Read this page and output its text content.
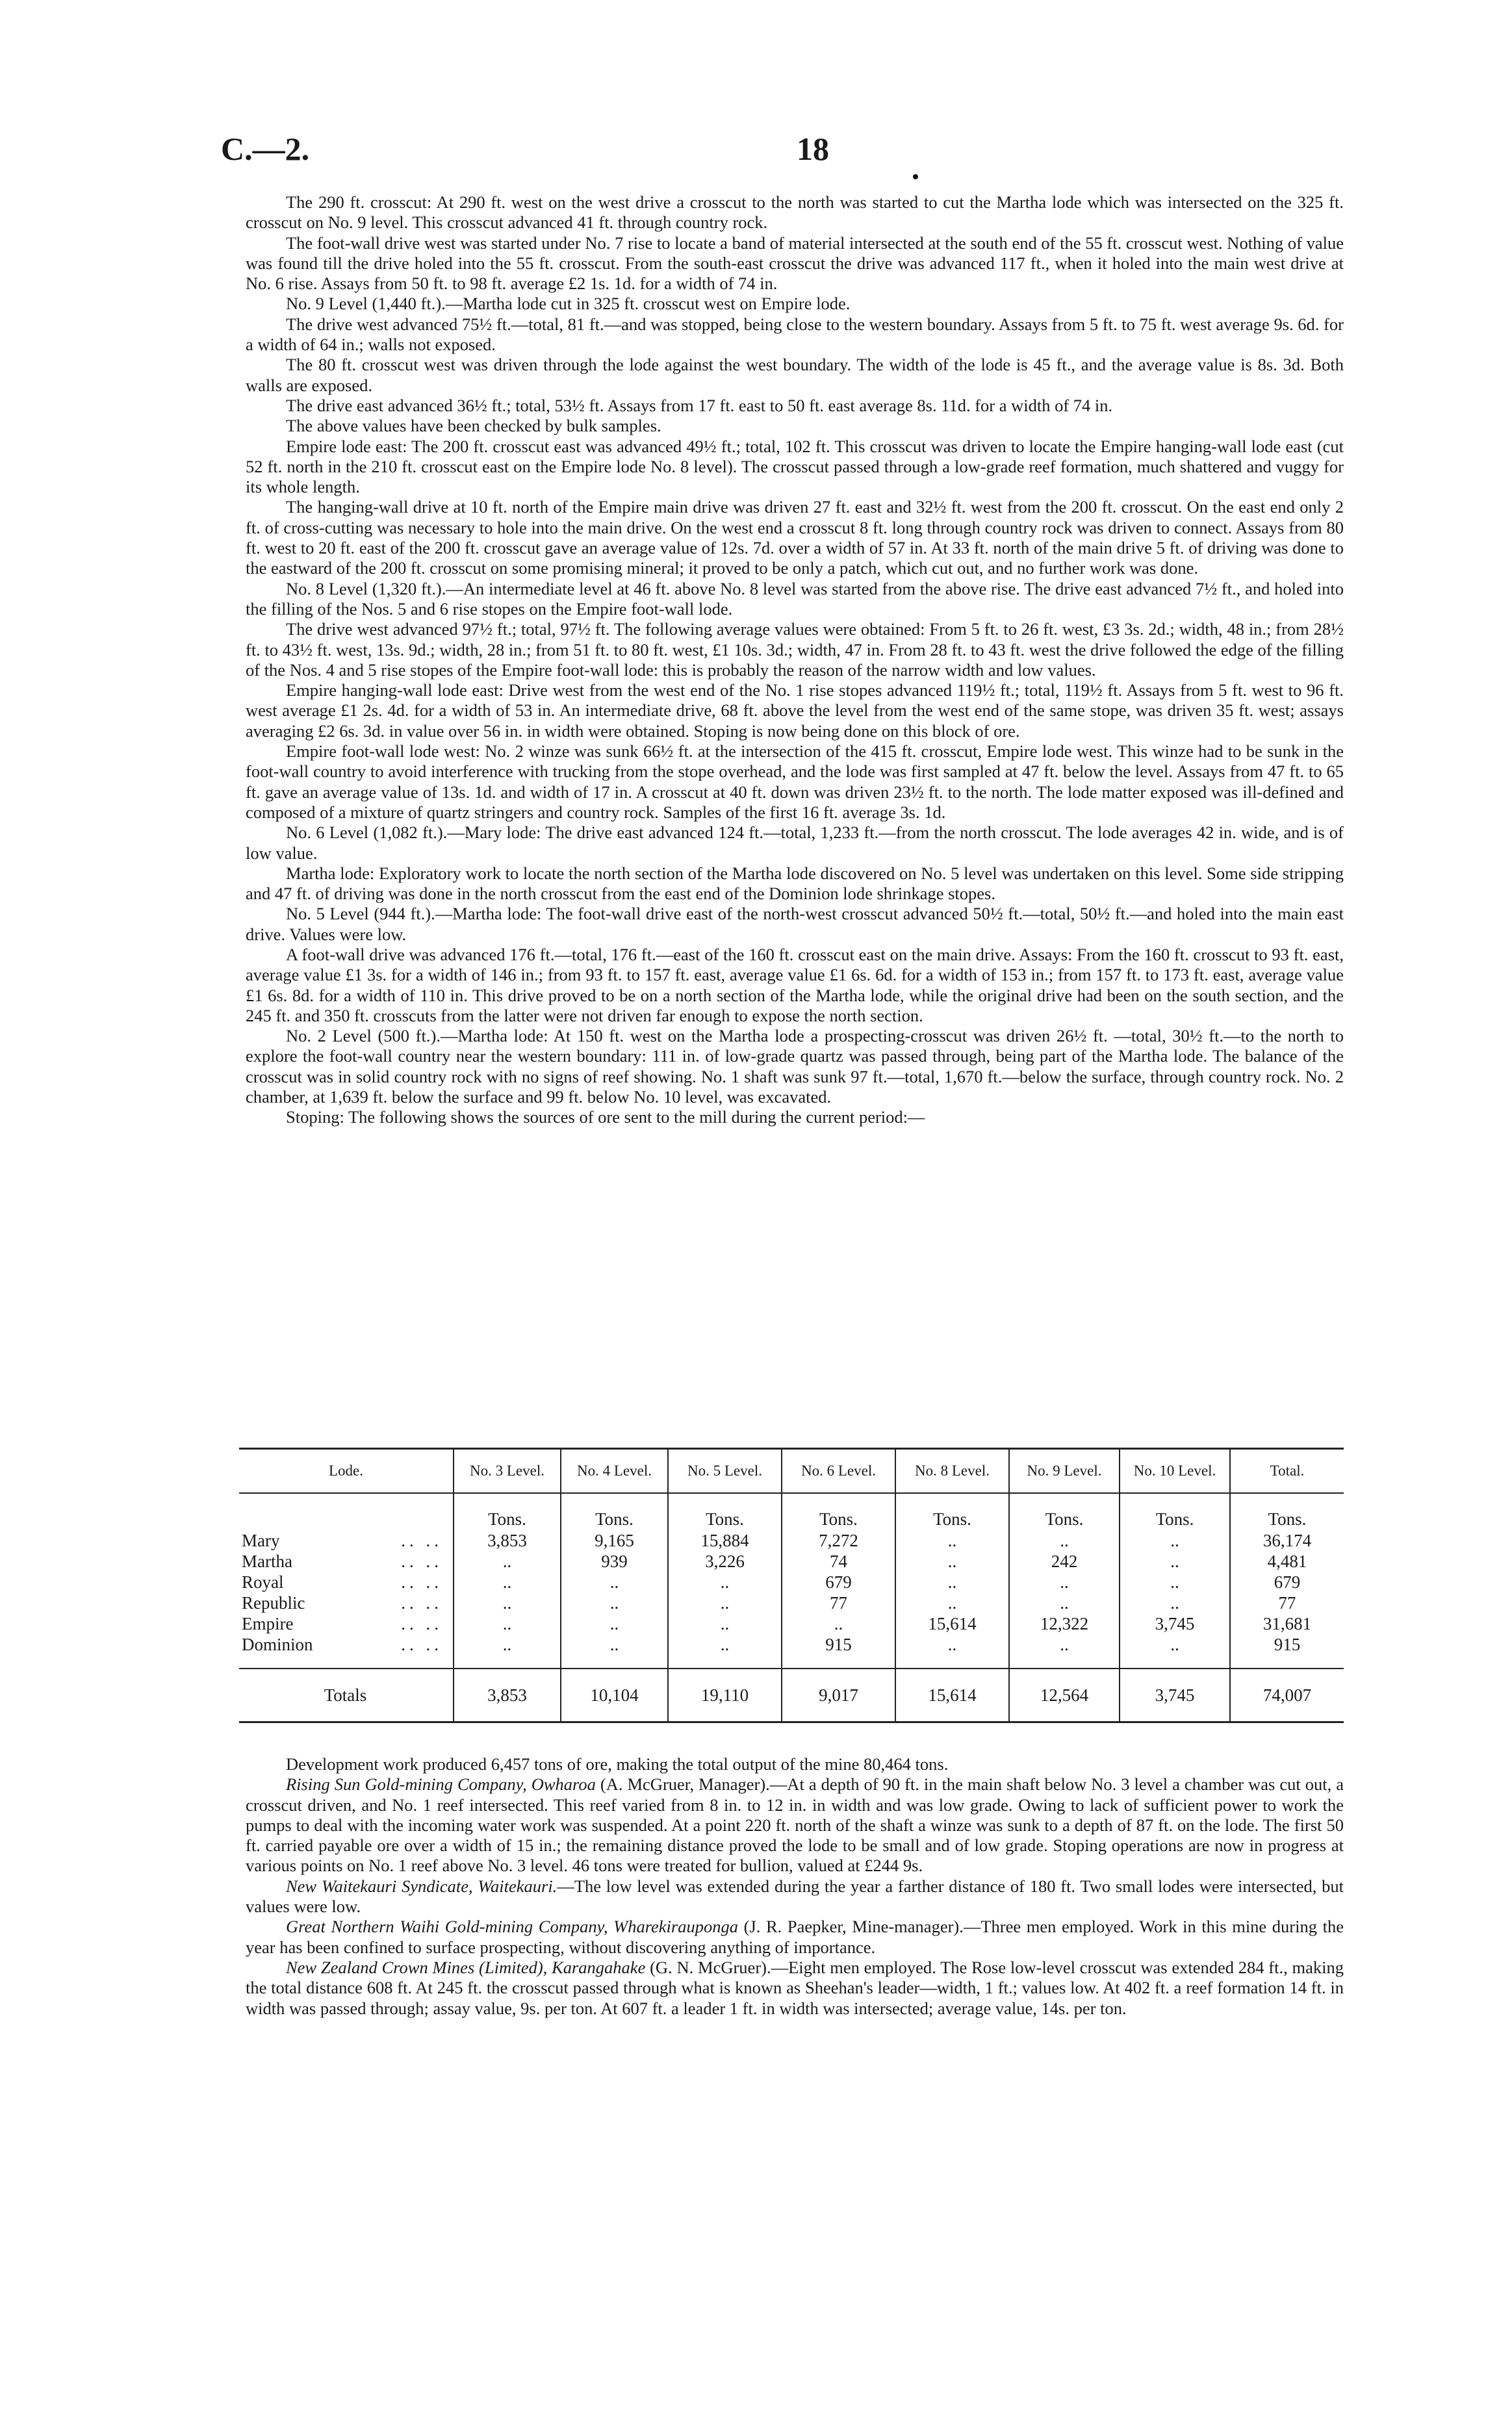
C.—2.	18

The 290 ft. crosscut: At 290 ft. west on the west drive a crosscut to the north was started to cut the Martha lode which was intersected on the 325 ft. crosscut on No. 9 level. This crosscut advanced 41 ft. through country rock.

The foot-wall drive west was started under No. 7 rise to locate a band of material intersected at the south end of the 55 ft. crosscut west. Nothing of value was found till the drive holed into the 55 ft. crosscut. From the south-east crosscut the drive was advanced 117 ft., when it holed into the main west drive at No. 6 rise. Assays from 50 ft. to 98 ft. average £2 1s. 1d. for a width of 74 in.

No. 9 Level (1,440 ft.).—Martha lode cut in 325 ft. crosscut west on Empire lode.

The drive west advanced 75½ ft.—total, 81 ft.—and was stopped, being close to the western boundary. Assays from 5 ft. to 75 ft. west average 9s. 6d. for a width of 64 in.; walls not exposed.

The 80 ft. crosscut west was driven through the lode against the west boundary. The width of the lode is 45 ft., and the average value is 8s. 3d. Both walls are exposed.

The drive east advanced 36½ ft.; total, 53½ ft. Assays from 17 ft. east to 50 ft. east average 8s. 11d. for a width of 74 in.

The above values have been checked by bulk samples.

Empire lode east: The 200 ft. crosscut east was advanced 49½ ft.; total, 102 ft. This crosscut was driven to locate the Empire hanging-wall lode east (cut 52 ft. north in the 210 ft. crosscut east on the Empire lode No. 8 level). The crosscut passed through a low-grade reef formation, much shattered and vuggy for its whole length.

The hanging-wall drive at 10 ft. north of the Empire main drive was driven 27 ft. east and 32½ ft. west from the 200 ft. crosscut. On the east end only 2 ft. of cross-cutting was necessary to hole into the main drive. On the west end a crosscut 8 ft. long through country rock was driven to connect. Assays from 80 ft. west to 20 ft. east of the 200 ft. crosscut gave an average value of 12s. 7d. over a width of 57 in. At 33 ft. north of the main drive 5 ft. of driving was done to the eastward of the 200 ft. crosscut on some promising mineral; it proved to be only a patch, which cut out, and no further work was done.

No. 8 Level (1,320 ft.).—An intermediate level at 46 ft. above No. 8 level was started from the above rise. The drive east advanced 7½ ft., and holed into the filling of the Nos. 5 and 6 rise stopes on the Empire foot-wall lode.

The drive west advanced 97½ ft.; total, 97½ ft. The following average values were obtained: From 5 ft. to 26 ft. west, £3 3s. 2d.; width, 48 in.; from 28½ ft. to 43½ ft. west, 13s. 9d.; width, 28 in.; from 51 ft. to 80 ft. west, £1 10s. 3d.; width, 47 in. From 28 ft. to 43 ft. west the drive followed the edge of the filling of the Nos. 4 and 5 rise stopes of the Empire foot-wall lode: this is probably the reason of the narrow width and low values.

Empire hanging-wall lode east: Drive west from the west end of the No. 1 rise stopes advanced 119½ ft.; total, 119½ ft. Assays from 5 ft. west to 96 ft. west average £1 2s. 4d. for a width of 53 in. An intermediate drive, 68 ft. above the level from the west end of the same stope, was driven 35 ft. west; assays averaging £2 6s. 3d. in value over 56 in. in width were obtained. Stoping is now being done on this block of ore.

Empire foot-wall lode west: No. 2 winze was sunk 66½ ft. at the intersection of the 415 ft. crosscut, Empire lode west. This winze had to be sunk in the foot-wall country to avoid interference with trucking from the stope overhead, and the lode was first sampled at 47 ft. below the level. Assays from 47 ft. to 65 ft. gave an average value of 13s. 1d. and width of 17 in. A crosscut at 40 ft. down was driven 23½ ft. to the north. The lode matter exposed was ill-defined and composed of a mixture of quartz stringers and country rock. Samples of the first 16 ft. average 3s. 1d.

No. 6 Level (1,082 ft.).—Mary lode: The drive east advanced 124 ft.—total, 1,233 ft.—from the north crosscut. The lode averages 42 in. wide, and is of low value.

Martha lode: Exploratory work to locate the north section of the Martha lode discovered on No. 5 level was undertaken on this level. Some side stripping and 47 ft. of driving was done in the north crosscut from the east end of the Dominion lode shrinkage stopes.

No. 5 Level (944 ft.).—Martha lode: The foot-wall drive east of the north-west crosscut advanced 50½ ft.—total, 50½ ft.—and holed into the main east drive. Values were low.

A foot-wall drive was advanced 176 ft.—total, 176 ft.—east of the 160 ft. crosscut east on the main drive. Assays: From the 160 ft. crosscut to 93 ft. east, average value £1 3s. for a width of 146 in.; from 93 ft. to 157 ft. east, average value £1 6s. 6d. for a width of 153 in.; from 157 ft. to 173 ft. east, average value £1 6s. 8d. for a width of 110 in. This drive proved to be on a north section of the Martha lode, while the original drive had been on the south section, and the 245 ft. and 350 ft. crosscuts from the latter were not driven far enough to expose the north section.

No. 2 Level (500 ft.).—Martha lode: At 150 ft. west on the Martha lode a prospecting-crosscut was driven 26½ ft. —total, 30½ ft.—to the north to explore the foot-wall country near the western boundary: 111 in. of low-grade quartz was passed through, being part of the Martha lode. The balance of the crosscut was in solid country rock with no signs of reef showing. No. 1 shaft was sunk 97 ft.—total, 1,670 ft.—below the surface, through country rock. No. 2 chamber, at 1,639 ft. below the surface and 99 ft. below No. 10 level, was excavated.

Stoping: The following shows the sources of ore sent to the mill during the current period:—

Lode.	No. 3 Level.	No. 4 Level.	No. 5 Level.	No. 6 Level.	No. 8 Level.	No. 9 Level.	No. 10 Level.	Total.
	Tons.	Tons.	Tons.	Tons.	Tons.	Tons.	Tons.	Tons.
Mary .. ..	3,853	9,165	15,884	7,272	..	..	..	36,174
Martha .. ..	..	939	3,226	74	..	242	..	4,481
Royal .. ..	..	..	..	679	..	..	..	679
Republic .. ..	..	..	..	77	..	..	..	77
Empire .. ..	..	..	..	..	15,614	12,322	3,745	31,681
Dominion .. ..	..	..	..	915	..	..	..	915
Totals	3,853	10,104	19,110	9,017	15,614	12,564	3,745	74,007

Development work produced 6,457 tons of ore, making the total output of the mine 80,464 tons.

Rising Sun Gold-mining Company, Owharoa (A. McGruer, Manager).—At a depth of 90 ft. in the main shaft below No. 3 level a chamber was cut out, a crosscut driven, and No. 1 reef intersected. This reef varied from 8 in. to 12 in. in width and was low grade. Owing to lack of sufficient power to work the pumps to deal with the incoming water work was suspended. At a point 220 ft. north of the shaft a winze was sunk to a depth of 87 ft. on the lode. The first 50 ft. carried payable ore over a width of 15 in.; the remaining distance proved the lode to be small and of low grade. Stoping operations are now in progress at various points on No. 1 reef above No. 3 level. 46 tons were treated for bullion, valued at £244 9s.

New Waitekauri Syndicate, Waitekauri.—The low level was extended during the year a farther distance of 180 ft. Two small lodes were intersected, but values were low.

Great Northern Waihi Gold-mining Company, Wharekirauponga (J. R. Paepker, Mine-manager).—Three men employed. Work in this mine during the year has been confined to surface prospecting, without discovering anything of importance.

New Zealand Crown Mines (Limited), Karangahake (G. N. McGruer).—Eight men employed. The Rose low-level crosscut was extended 284 ft., making the total distance 608 ft. At 245 ft. the crosscut passed through what is known as Sheehan's leader—width, 1 ft.; values low. At 402 ft. a reef formation 14 ft. in width was passed through; assay value, 9s. per ton. At 607 ft. a leader 1 ft. in width was intersected; average value, 14s. per ton.
